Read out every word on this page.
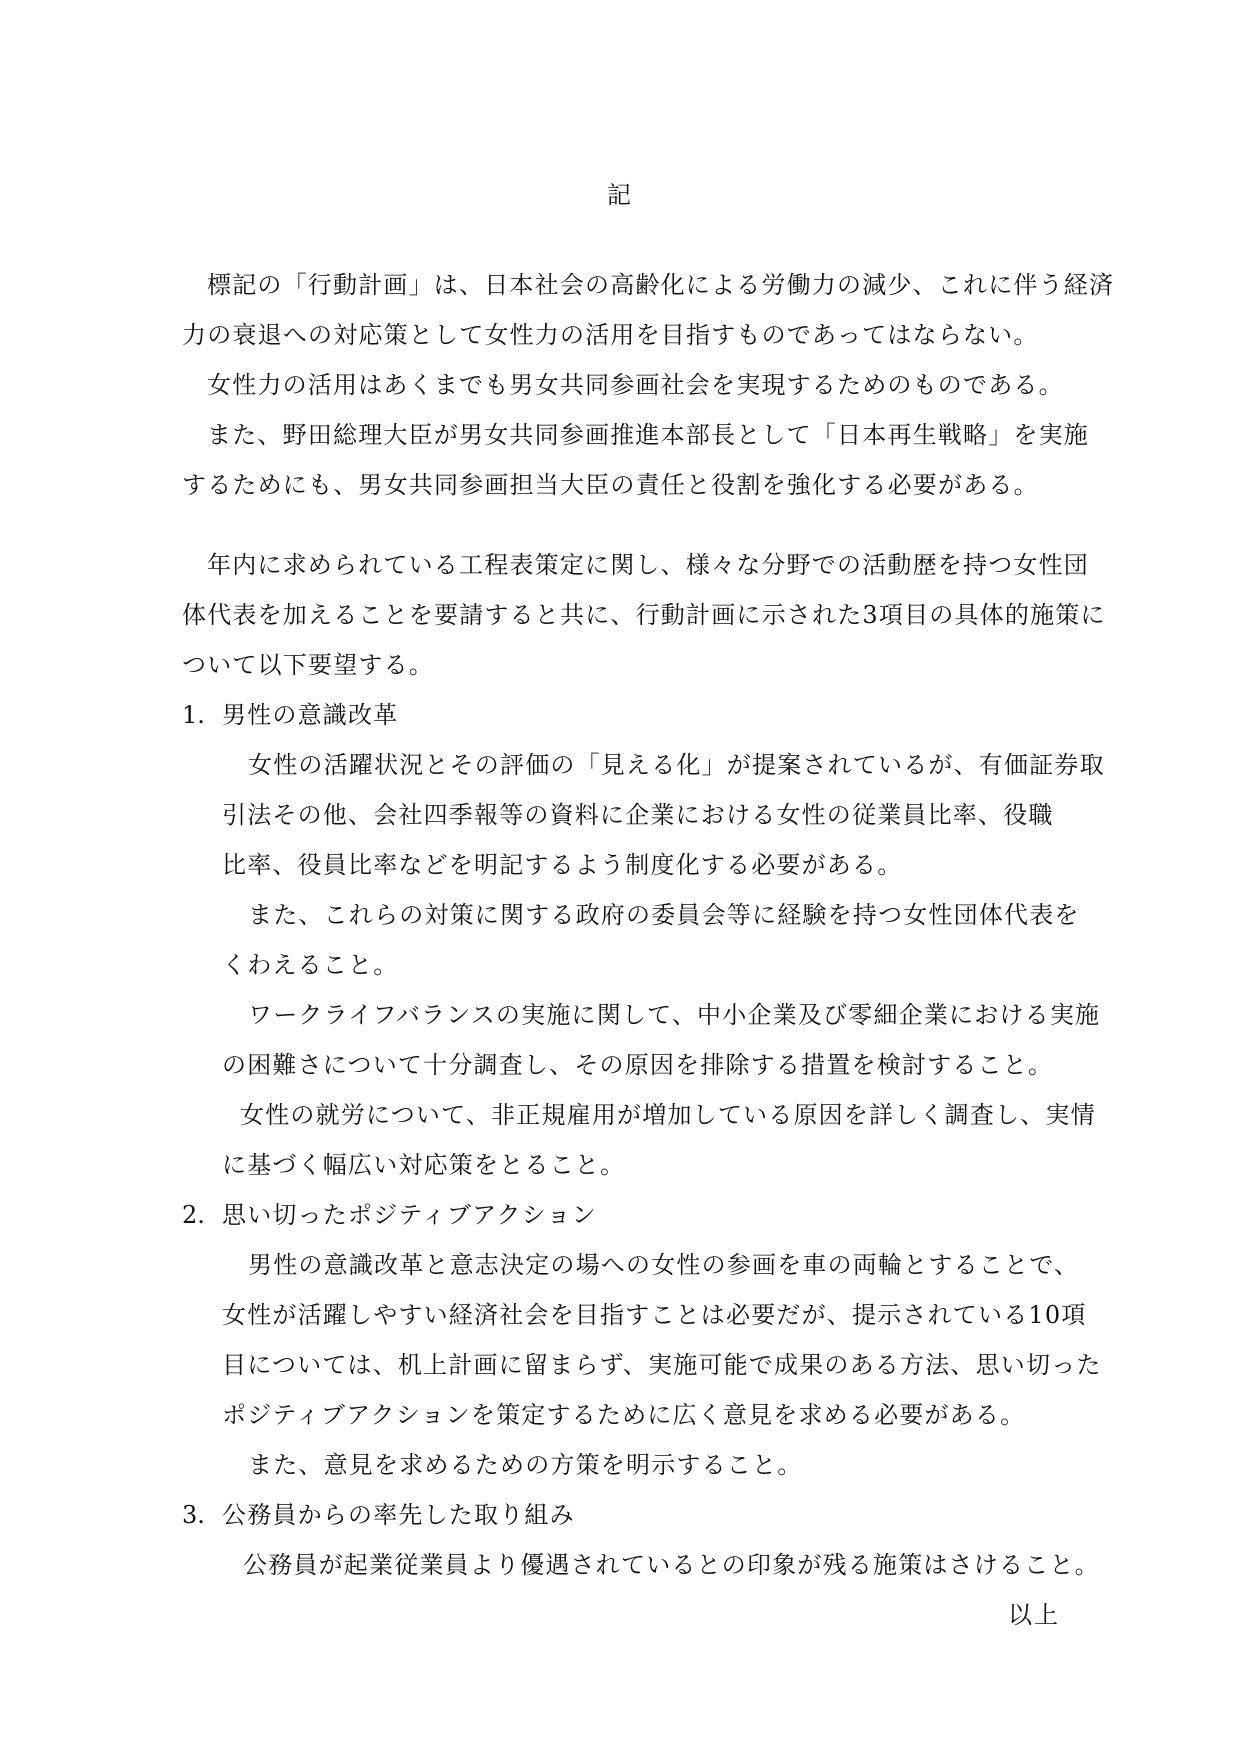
記
標記の「行動計画」は、日本社会の高齢化による労働力の減少、これに伴う経済
力の衰退への対応策として女性力の活用を目指すものであってはならない。
女性力の活用はあくまでも男女共同参画社会を実現するためのものである。
また、野田総理大臣が男女共同参画推進本部長として「日本再生戦略」を実施
するためにも、男女共同参画担当大臣の責任と役割を強化する必要がある。
年内に求められている工程表策定に関し、様々な分野での活動歴を持つ女性団
体代表を加えることを要請すると共に、行動計画に示された3項目の具体的施策に
ついて以下要望する。
1. 男性の意識改革
女性の活躍状況とその評価の「見える化」が提案されているが、有価証券取
引法その他、会社四季報等の資料に企業における女性の従業員比率、役職
比率、役員比率などを明記するよう制度化する必要がある。
また、これらの対策に関する政府の委員会等に経験を持つ女性団体代表を
くわえること。
ワークライフバランスの実施に関して、中小企業及び零細企業における実施
の困難さについて十分調査し、その原因を排除する措置を検討すること。
女性の就労について、非正規雇用が増加している原因を詳しく調査し、実情
に基づく幅広い対応策をとること。
2. 思い切ったポジティブアクション
男性の意識改革と意志決定の場への女性の参画を車の両輪とすることで、
女性が活躍しやすい経済社会を目指すことは必要だが、提示されている10項
目については、机上計画に留まらず、実施可能で成果のある方法、思い切った
ポジティブアクションを策定するために広く意見を求める必要がある。
また、意見を求めるための方策を明示すること。
3. 公務員からの率先した取り組み
公務員が起業従業員より優遇されているとの印象が残る施策はさけること。
以上
